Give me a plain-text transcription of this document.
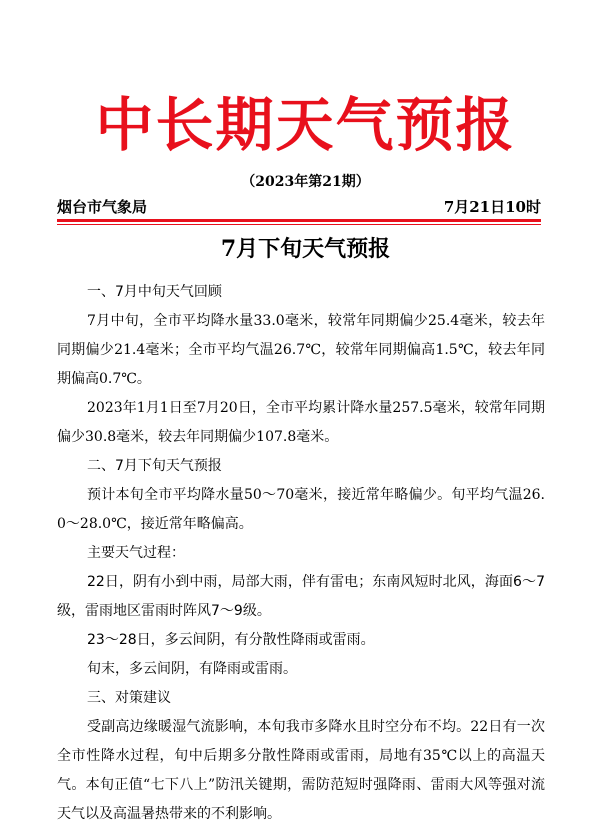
中长期天气预报
（2023年第21期）
烟台市气象局	7月21日10时
7月下旬天气预报

一、7月中旬天气回顾

7月中旬，全市平均降水量33.0毫米，较常年同期偏少25.4毫米，较去年同期偏少21.4毫米；全市平均气温26.7℃，较常年同期偏高1.5℃，较去年同期偏高0.7℃。

2023年1月1日至7月20日，全市平均累计降水量257.5毫米，较常年同期偏少30.8毫米，较去年同期偏少107.8毫米。

二、7月下旬天气预报

预计本旬全市平均降水量50～70毫米，接近常年略偏少。旬平均气温26.0～28.0℃，接近常年略偏高。

主要天气过程：

22日，阴有小到中雨，局部大雨，伴有雷电；东南风短时北风，海面6～7级，雷雨地区雷雨时阵风7～9级。

23～28日，多云间阴，有分散性降雨或雷雨。

旬末，多云间阴，有降雨或雷雨。

三、对策建议

受副高边缘暖湿气流影响，本旬我市多降水且时空分布不均。22日有一次全市性降水过程，旬中后期多分散性降雨或雷雨，局地有35℃以上的高温天气。本旬正值“七下八上”防汛关键期，需防范短时强降雨、雷雨大风等强对流天气以及高温暑热带来的不利影响。
